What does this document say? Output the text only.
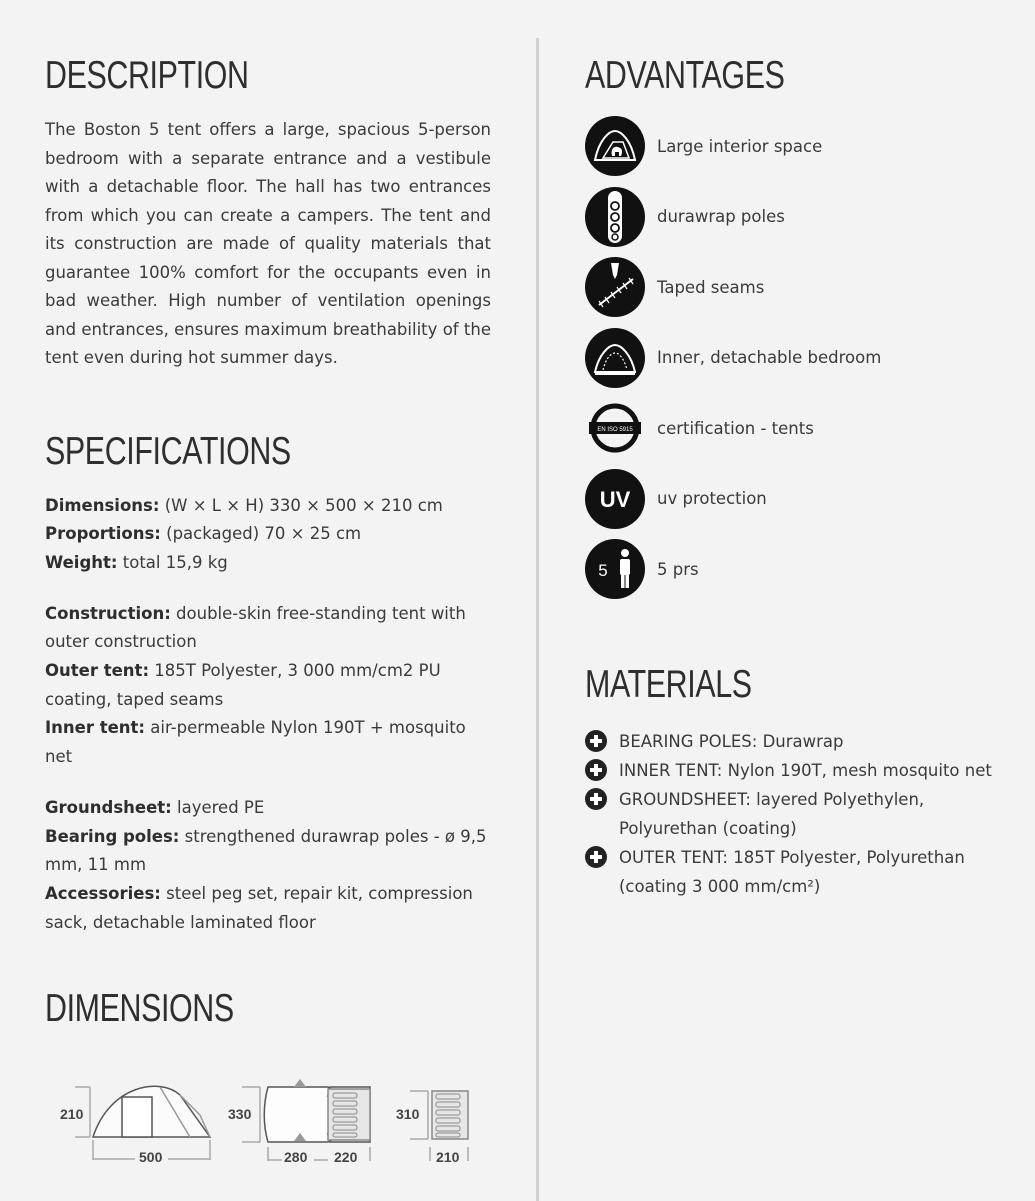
DESCRIPTION

The Boston 5 tent offers a large, spacious 5-person bedroom with a separate entrance and a vestibule with a detachable floor. The hall has two entrances from which you can create a campers. The tent and its construction are made of quality materials that guarantee 100% comfort for the occupants even in bad weather. High number of ventilation openings and entrances, ensures maximum breathability of the tent even during hot summer days.

SPECIFICATIONS
Dimensions: (W × L × H) 330 × 500 × 210 cm
Proportions: (packaged) 70 × 25 cm
Weight: total 15,9 kg
Construction: double-skin free-standing tent with outer construction
Outer tent: 185T Polyester, 3 000 mm/cm2 PU coating, taped seams
Inner tent: air-permeable Nylon 190T + mosquito net
Groundsheet: layered PE
Bearing poles: strengthened durawrap poles - ø 9,5 mm, 11 mm
Accessories: steel peg set, repair kit, compression sack, detachable laminated floor
DIMENSIONS
210
500
330
280 220
310
210
ADVANTAGES
Large interior space
durawrap poles
Taped seams
Inner, detachable bedroom
EN ISO 5915 certification - tents
UV uv protection
5	5 prs
MATERIALS
BEARING POLES: Durawrap
INNER TENT: Nylon 190T, mesh mosquito net
GROUNDSHEET: layered Polyethylen, Polyurethan (coating)
OUTER TENT: 185T Polyester, Polyurethan (coating 3 000 mm/cm²)
